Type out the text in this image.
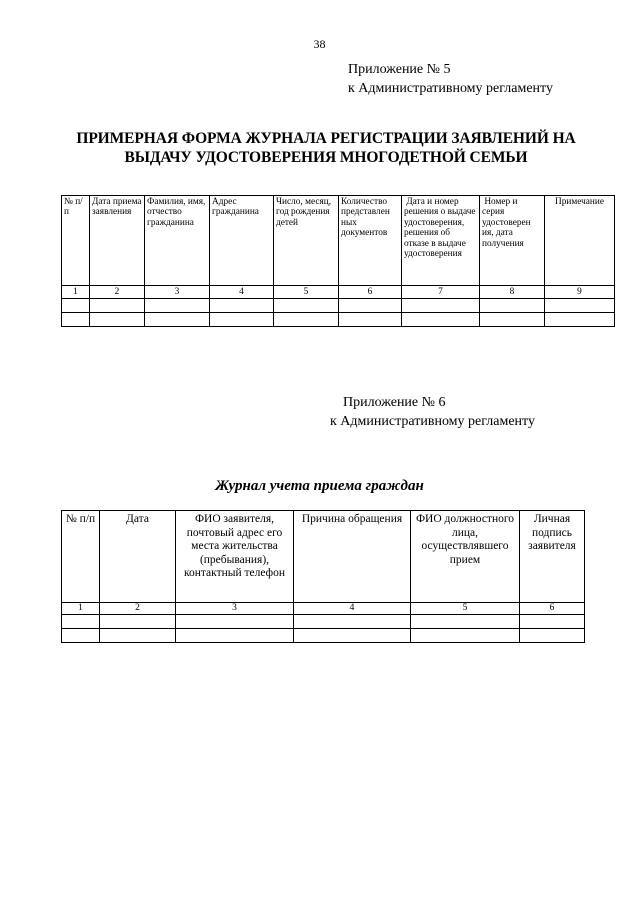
38
Приложение № 5
к Административному регламенту
ПРИМЕРНАЯ ФОРМА ЖУРНАЛА РЕГИСТРАЦИИ ЗАЯВЛЕНИЙ НА
ВЫДАЧУ УДОСТОВЕРЕНИЯ МНОГОДЕТНОЙ СЕМЬИ
№ п/п	Дата приема заявления	Фамилия, имя, отчество гражданина	Адрес гражданина	Число, месяц, год рождения детей	Количество представлен ных документов	Дата и номер решения о выдаче удостоверения, решения об отказе в выдаче удостоверения	Номер и серия удостоверен ия, дата получения	Примечание
1	2	3	4	5	6	7	8	9

Приложение № 6
к Административному регламенту
Журнал учета приема граждан
№ п/п	Дата	ФИО заявителя, почтовый адрес его места жительства (пребывания), контактный телефон	Причина обращения	ФИО должностного лица, осуществлявшего прием	Личная подпись заявителя
1	2	3	4	5	6
